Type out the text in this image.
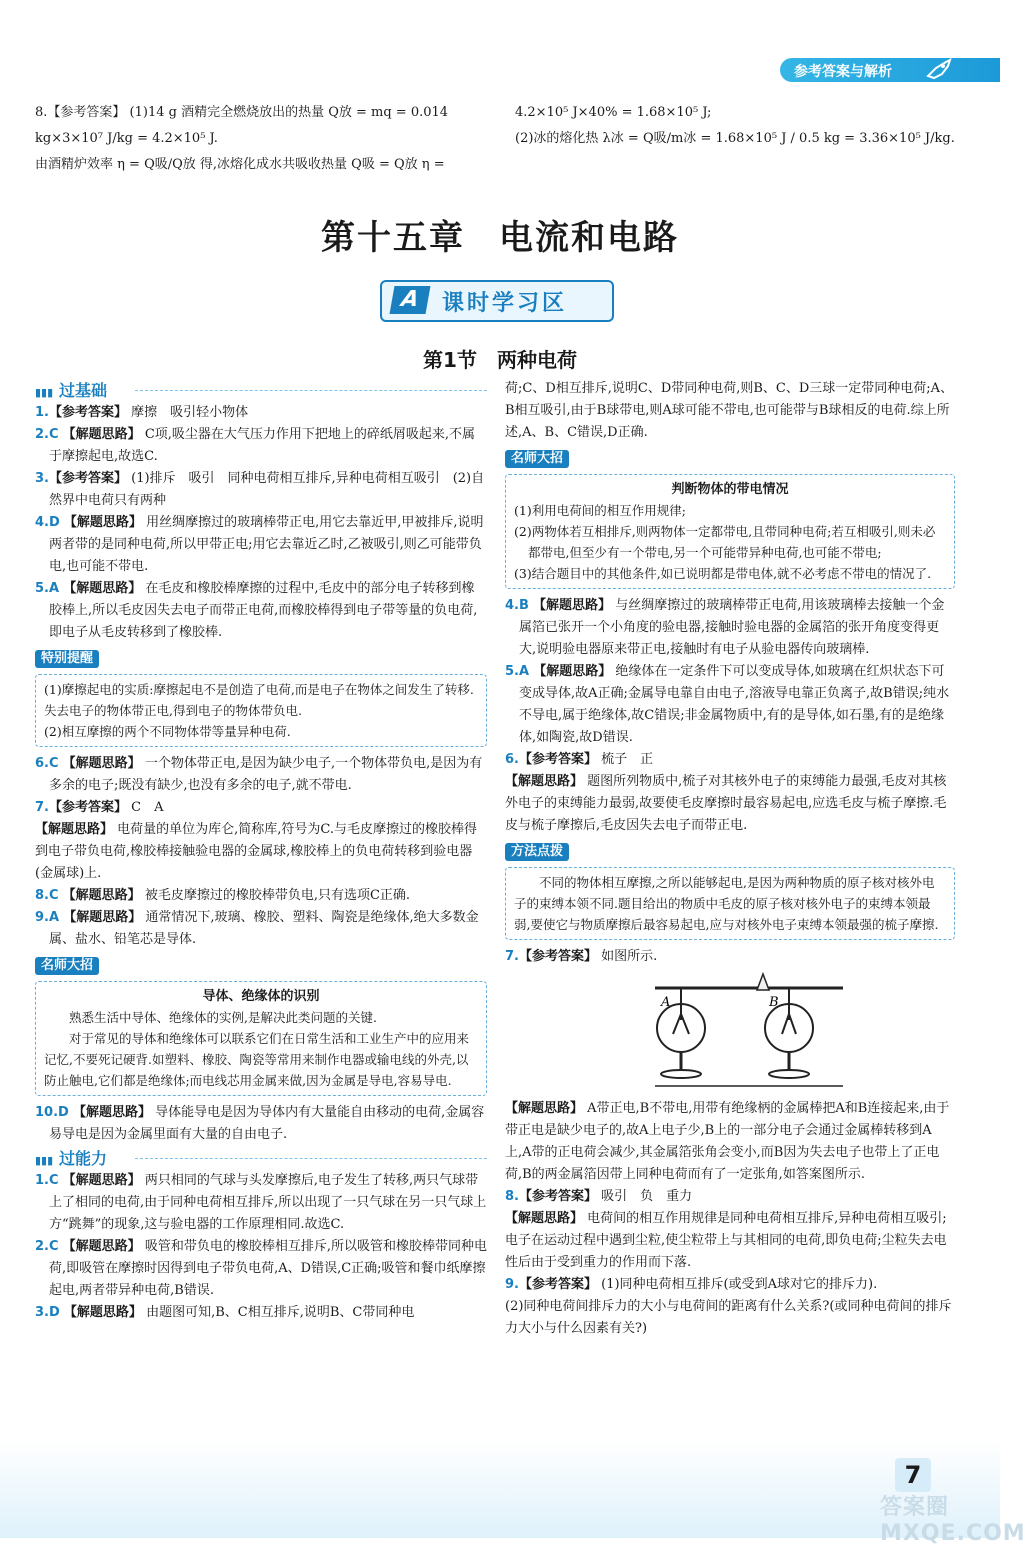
参考答案与解析

8.【参考答案】 (1)14 g 酒精完全燃烧放出的热量 Q放 = mq = 0.014 kg×3×10⁷ J/kg = 4.2×10⁵ J.

由酒精炉效率 η = Q吸/Q放 得,冰熔化成水共吸收热量 Q吸 = Q放 η =

4.2×10⁵ J×40% = 1.68×10⁵ J;

(2)冰的熔化热 λ冰 = Q吸/m冰 = 1.68×10⁵ J / 0.5 kg = 3.36×10⁵ J/kg.

第十五章 电流和电路
A 课时学习区
第1节　两种电荷
▮▮▮ 过基础

1.【参考答案】 摩擦　吸引轻小物体

2.C 【解题思路】 C项,吸尘器在大气压力作用下把地上的碎纸屑吸起来,不属于摩擦起电,故选C.

3.【参考答案】 (1)排斥　吸引　同种电荷相互排斥,异种电荷相互吸引　(2)自然界中电荷只有两种

4.D 【解题思路】 用丝绸摩擦过的玻璃棒带正电,用它去靠近甲,甲被排斥,说明两者带的是同种电荷,所以甲带正电;用它去靠近乙时,乙被吸引,则乙可能带负电,也可能不带电.

5.A 【解题思路】 在毛皮和橡胶棒摩擦的过程中,毛皮中的部分电子转移到橡胶棒上,所以毛皮因失去电子而带正电荷,而橡胶棒得到电子带等量的负电荷,即电子从毛皮转移到了橡胶棒.

特别提醒

(1)摩擦起电的实质:摩擦起电不是创造了电荷,而是电子在物体之间发生了转移.失去电子的物体带正电,得到电子的物体带负电.

(2)相互摩擦的两个不同物体带等量异种电荷.

6.C 【解题思路】 一个物体带正电,是因为缺少电子,一个物体带负电,是因为有多余的电子;既没有缺少,也没有多余的电子,就不带电.

7.【参考答案】 C　A

【解题思路】 电荷量的单位为库仑,简称库,符号为C.与毛皮摩擦过的橡胶棒得到电子带负电荷,橡胶棒接触验电器的金属球,橡胶棒上的负电荷转移到验电器(金属球)上.

8.C 【解题思路】 被毛皮摩擦过的橡胶棒带负电,只有选项C正确.

9.A 【解题思路】 通常情况下,玻璃、橡胶、塑料、陶瓷是绝缘体,绝大多数金属、盐水、铅笔芯是导体.

名师大招
导体、绝缘体的识别

熟悉生活中导体、绝缘体的实例,是解决此类问题的关键.

对于常见的导体和绝缘体可以联系它们在日常生活和工业生产中的应用来记忆,不要死记硬背.如塑料、橡胶、陶瓷等常用来制作电器或输电线的外壳,以防止触电,它们都是绝缘体;而电线芯用金属来做,因为金属是导电,容易导电.

10.D 【解题思路】 导体能导电是因为导体内有大量能自由移动的电荷,金属容易导电是因为金属里面有大量的自由电子.

▮▮▮ 过能力

1.C 【解题思路】 两只相同的气球与头发摩擦后,电子发生了转移,两只气球带上了相同的电荷,由于同种电荷相互排斥,所以出现了一只气球在另一只气球上方“跳舞”的现象,这与验电器的工作原理相同.故选C.

2.C 【解题思路】 吸管和带负电的橡胶棒相互排斥,所以吸管和橡胶棒带同种电荷,即吸管在摩擦时因得到电子带负电荷,A、D错误,C正确;吸管和餐巾纸摩擦起电,两者带异种电荷,B错误.

3.D 【解题思路】 由题图可知,B、C相互排斥,说明B、C带同种电

荷;C、D相互排斥,说明C、D带同种电荷,则B、C、D三球一定带同种电荷;A、B相互吸引,由于B球带电,则A球可能不带电,也可能带与B球相反的电荷.综上所述,A、B、C错误,D正确.

名师大招
判断物体的带电情况

(1)利用电荷间的相互作用规律;

(2)两物体若互相排斥,则两物体一定都带电,且带同种电荷;若互相吸引,则未必都带电,但至少有一个带电,另一个可能带异种电荷,也可能不带电;

(3)结合题目中的其他条件,如已说明都是带电体,就不必考虑不带电的情况了.

4.B 【解题思路】 与丝绸摩擦过的玻璃棒带正电荷,用该玻璃棒去接触一个金属箔已张开一个小角度的验电器,接触时验电器的金属箔的张开角度变得更大,说明验电器原来带正电,接触时有电子从验电器传向玻璃棒.

5.A 【解题思路】 绝缘体在一定条件下可以变成导体,如玻璃在红炽状态下可变成导体,故A正确;金属导电靠自由电子,溶液导电靠正负离子,故B错误;纯水不导电,属于绝缘体,故C错误;非金属物质中,有的是导体,如石墨,有的是绝缘体,如陶瓷,故D错误.

6.【参考答案】 梳子　正

【解题思路】 题图所列物质中,梳子对其核外电子的束缚能力最强,毛皮对其核外电子的束缚能力最弱,故要使毛皮摩擦时最容易起电,应选毛皮与梳子摩擦.毛皮与梳子摩擦后,毛皮因失去电子而带正电.

方法点拨

不同的物体相互摩擦,之所以能够起电,是因为两种物质的原子核对核外电子的束缚本领不同.题目给出的物质中毛皮的原子核对核外电子的束缚本领最弱,要使它与物质摩擦后最容易起电,应与对核外电子束缚本领最强的梳子摩擦.

7.【参考答案】 如图所示.

A	B

【解题思路】 A带正电,B不带电,用带有绝缘柄的金属棒把A和B连接起来,由于带正电是缺少电子的,故A上电子少,B上的一部分电子会通过金属棒转移到A上,A带的正电荷会减少,其金属箔张角会变小,而B因为失去电子也带上了正电荷,B的两金属箔因带上同种电荷而有了一定张角,如答案图所示.

8.【参考答案】 吸引　负　重力

【解题思路】 电荷间的相互作用规律是同种电荷相互排斥,异种电荷相互吸引;电子在运动过程中遇到尘粒,使尘粒带上与其相同的电荷,即负电荷;尘粒失去电性后由于受到重力的作用而下落.

9.【参考答案】 (1)同种电荷相互排斥(或受到A球对它的排斥力).

(2)同种电荷间排斥力的大小与电荷间的距离有什么关系?(或同种电荷间的排斥力大小与什么因素有关?)

7
答案圈 MXQE.COM
